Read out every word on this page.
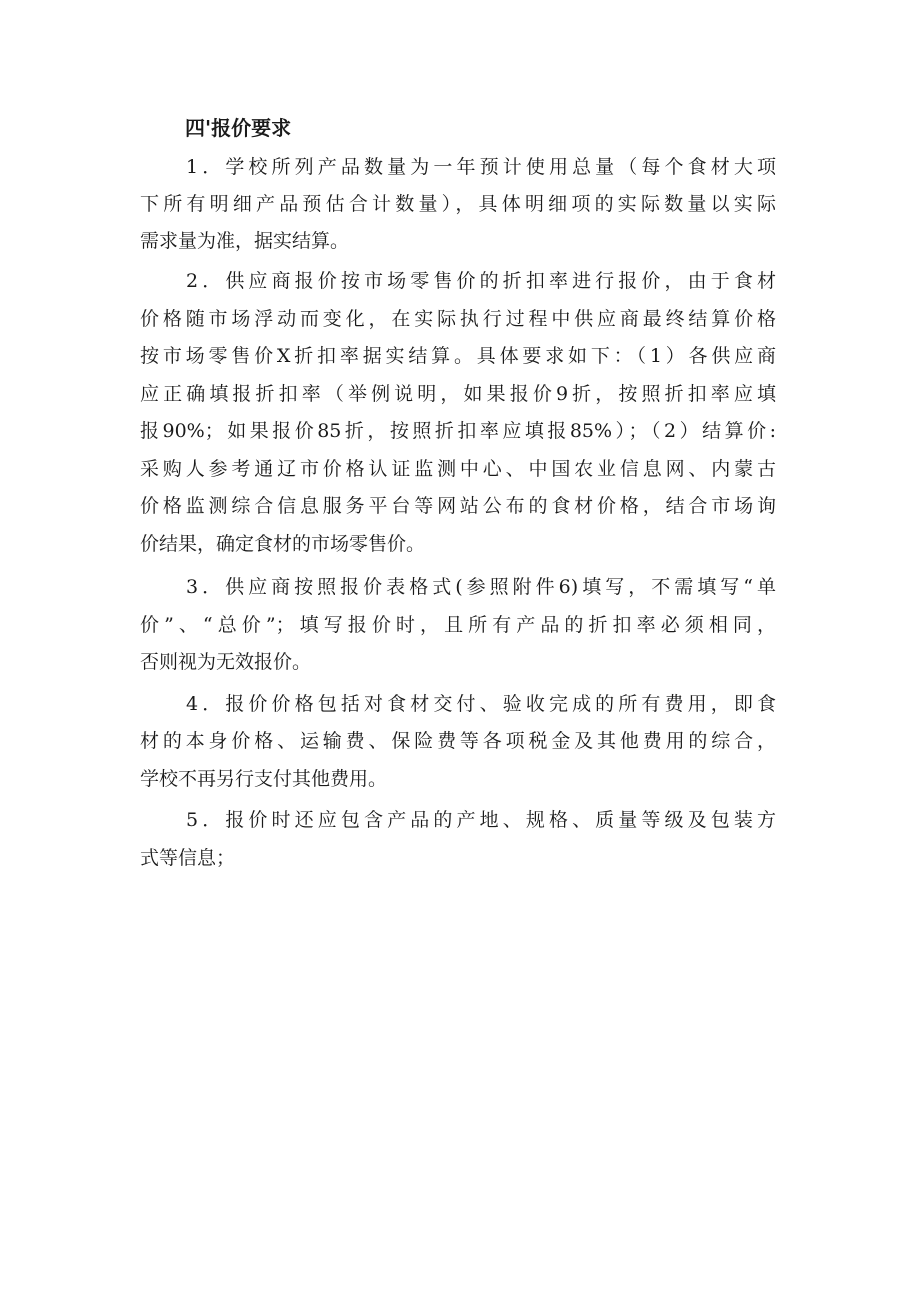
四'报价要求
1．学校所列产品数量为一年预计使用总量（每个食材大项
下所有明细产品预估合计数量），具体明细项的实际数量以实际
需求量为准，据实结算。
2．供应商报价按市场零售价的折扣率进行报价，由于食材
价格随市场浮动而变化，在实际执行过程中供应商最终结算价格
按市场零售价X折扣率据实结算。具体要求如下：（1）各供应商
应正确填报折扣率（举例说明，如果报价9折，按照折扣率应填
报90%；如果报价85折，按照折扣率应填报85%）；（2）结算价:
采购人参考通辽市价格认证监测中心、中国农业信息网、内蒙古
价格监测综合信息服务平台等网站公布的食材价格，结合市场询
价结果，确定食材的市场零售价。
3．供应商按照报价表格式(参照附件6)填写，不需填写“单
价”、“总价”；填写报价时，且所有产品的折扣率必须相同，
否则视为无效报价。
4．报价价格包括对食材交付、验收完成的所有费用，即食
材的本身价格、运输费、保险费等各项税金及其他费用的综合，
学校不再另行支付其他费用。
5．报价时还应包含产品的产地、规格、质量等级及包装方
式等信息；
